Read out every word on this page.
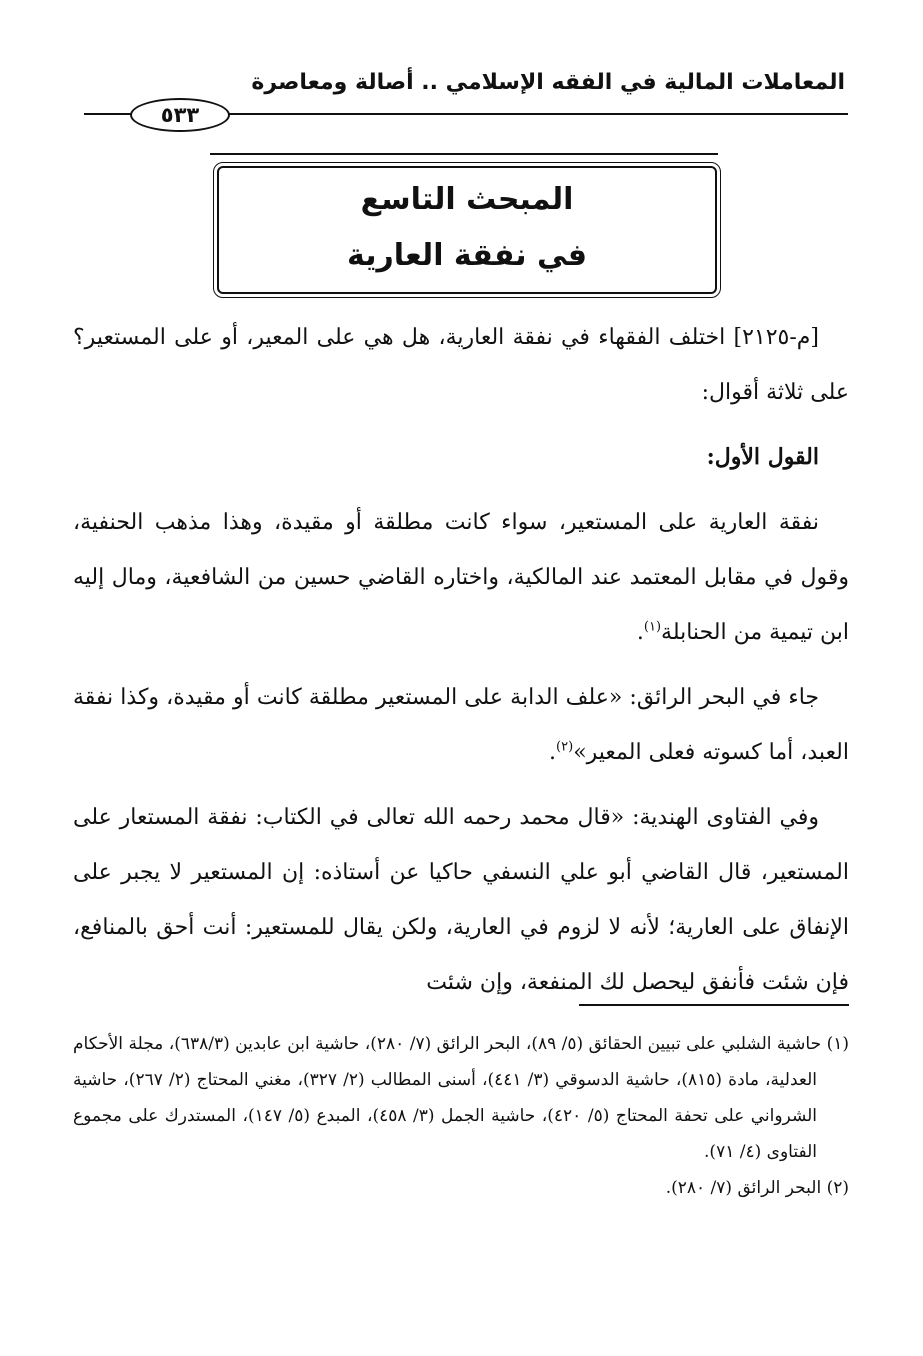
المعاملات المالية في الفقه الإسلامي .. أصالة ومعاصرة
٥٣٣
المبحث التاسع
في نفقة العارية

[م-٢١٢٥] اختلف الفقهاء في نفقة العارية، هل هي على المعير، أو على المستعير؟ على ثلاثة أقوال:

القول الأول:

نفقة العارية على المستعير، سواء كانت مطلقة أو مقيدة، وهذا مذهب الحنفية، وقول في مقابل المعتمد عند المالكية، واختاره القاضي حسين من الشافعية، ومال إليه ابن تيمية من الحنابلة$^{(١)}$.

جاء في البحر الرائق: «علف الدابة على المستعير مطلقة كانت أو مقيدة، وكذا نفقة العبد، أما كسوته فعلى المعير»$^{(٢)}$.

وفي الفتاوى الهندية: «قال محمد رحمه الله تعالى في الكتاب: نفقة المستعار على المستعير، قال القاضي أبو علي النسفي حاكيا عن أستاذه: إن المستعير لا يجبر على الإنفاق على العارية؛ لأنه لا لزوم في العارية، ولكن يقال للمستعير: أنت أحق بالمنافع، فإن شئت فأنفق ليحصل لك المنفعة، وإن شئت

(١) حاشية الشلبي على تبيين الحقائق (٥/ ٨٩)، البحر الرائق (٧/ ٢٨٠)، حاشية ابن عابدين (٦٣٨/٣)، مجلة الأحكام العدلية، مادة (٨١٥)، حاشية الدسوقي (٣/ ٤٤١)، أسنى المطالب (٢/ ٣٢٧)، مغني المحتاج (٢/ ٢٦٧)، حاشية الشرواني على تحفة المحتاج (٥/ ٤٢٠)، حاشية الجمل (٣/ ٤٥٨)، المبدع (٥/ ١٤٧)، المستدرك على مجموع الفتاوى (٤/ ٧١).

(٢) البحر الرائق (٧/ ٢٨٠).
